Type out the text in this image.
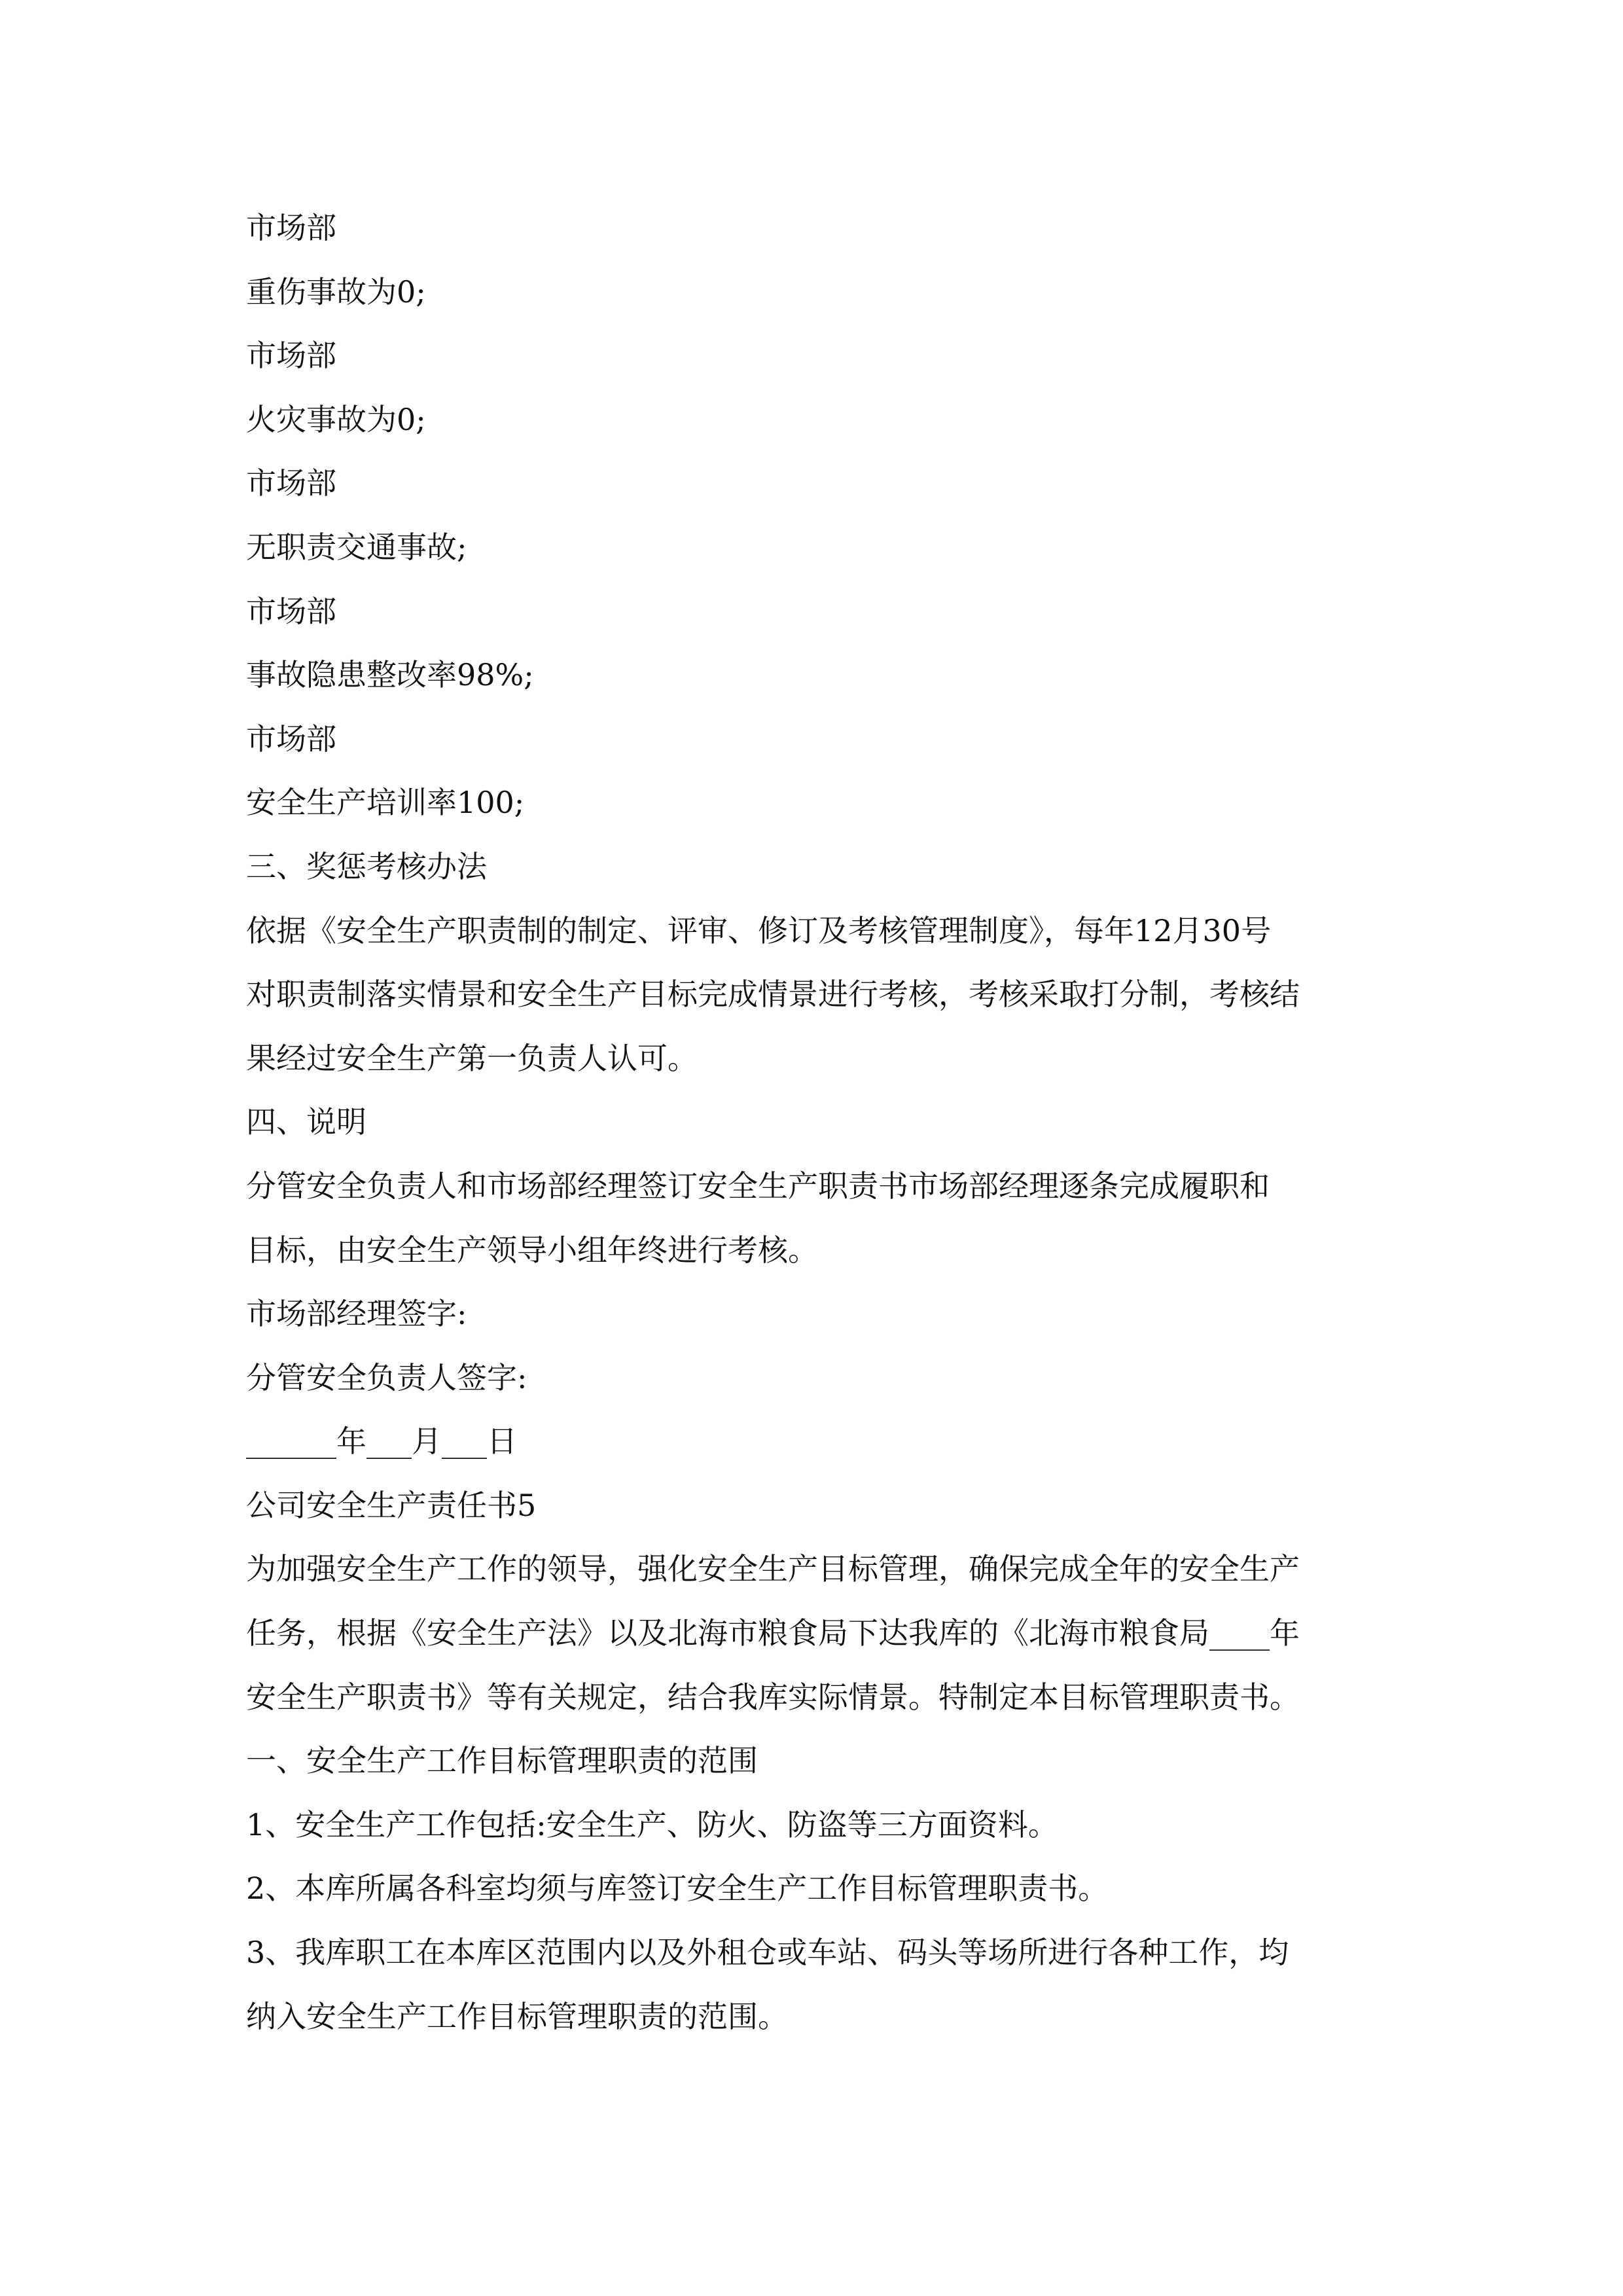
市场部
重伤事故为0;
市场部
火灾事故为0;
市场部
无职责交通事故;
市场部
事故隐患整改率98%;
市场部
安全生产培训率100;
三、奖惩考核办法
依据《安全生产职责制的制定、评审、修订及考核管理制度》，每年12月30号
对职责制落实情景和安全生产目标完成情景进行考核，考核采取打分制，考核结
果经过安全生产第一负责人认可。
四、说明
分管安全负责人和市场部经理签订安全生产职责书市场部经理逐条完成履职和
目标，由安全生产领导小组年终进行考核。
市场部经理签字:
分管安全负责人签字:
______年___月___日
公司安全生产责任书5
为加强安全生产工作的领导，强化安全生产目标管理，确保完成全年的安全生产
任务，根据《安全生产法》以及北海市粮食局下达我库的《北海市粮食局____年
安全生产职责书》等有关规定，结合我库实际情景。特制定本目标管理职责书。
一、安全生产工作目标管理职责的范围
1、安全生产工作包括:安全生产、防火、防盗等三方面资料。
2、本库所属各科室均须与库签订安全生产工作目标管理职责书。
3、我库职工在本库区范围内以及外租仓或车站、码头等场所进行各种工作，均
纳入安全生产工作目标管理职责的范围。
